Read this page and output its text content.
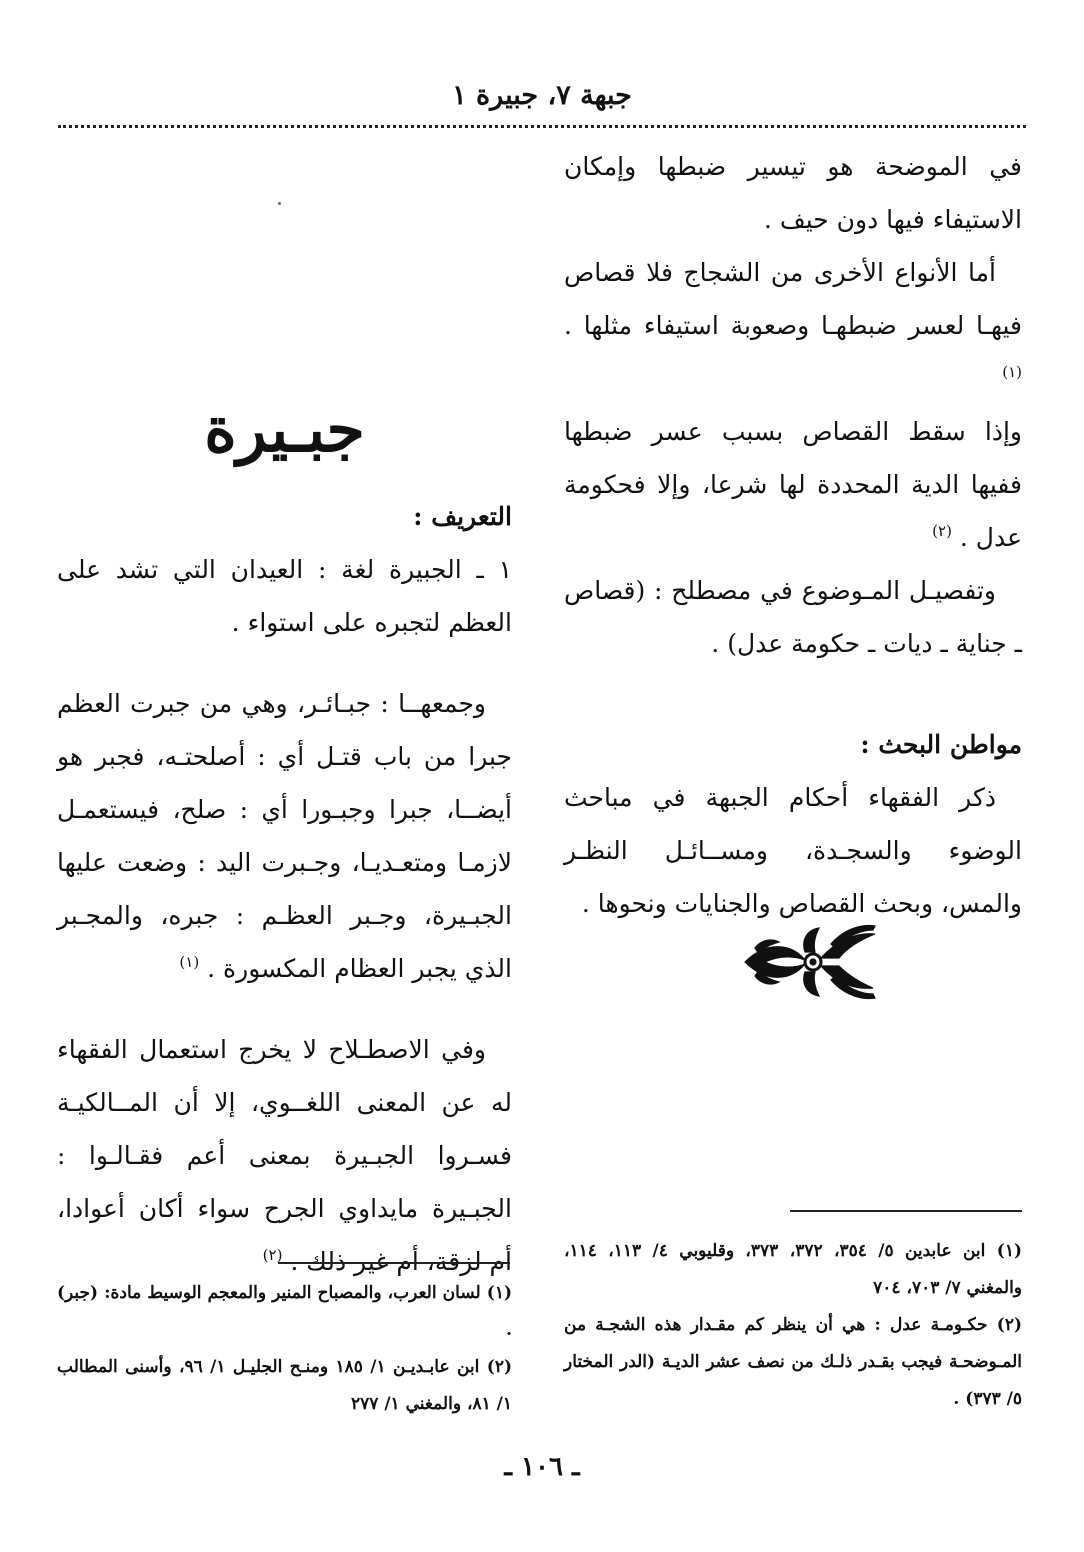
جبهة ٧، جبيرة ١

في الموضحة هو تيسير ضبطها وإمكان الاستيفاء فيها دون حيف .

أما الأنواع الأخرى من الشجاج فلا قصاص فيهـا لعسر ضبطهـا وصعوبة استيفاء مثلها . $^{(١)}$

وإذا سقط القصاص بسبب عسر ضبطها ففيها الدية المحددة لها شرعا، وإلا فحكومة عدل . $^{(٢)}$

وتفصيـل المـوضوع في مصطلح : (قصاص ـ جناية ـ ديات ـ حكومة عدل) .

مواطن البحث :

ذكر الفقهاء أحكام الجبهة في مباحث الوضوء والسجـدة، ومســائـل النظـر والمس، وبحث القصاص والجنايات ونحوها .

جبـيرة

التعريف :

١ ـ الجبيرة لغة : العيدان التي تشد على العظم لتجبره على استواء .

وجمعهــا : جبـائـر، وهي من جبرت العظم جبرا من باب قتـل أي : أصلحتـه، فجبر هو أيضــا، جبرا وجبـورا أي : صلح، فيستعمـل لازمـا ومتعـديـا، وجـبرت اليد : وضعت عليها الجبـيرة، وجـبر العظـم : جبره، والمجـبر الذي يجبر العظام المكسورة . $^{(١)}$

وفي الاصطـلاح لا يخرج استعمال الفقهاء له عن المعنى اللغــوي، إلا أن المــالكيـة فسـروا الجبـيرة بمعنى أعم فقـالـوا : الجبـيرة مايداوي الجرح سواء أكان أعوادا، أم لزقة، أم غير ذلك . $^{(٢)}$	(١) ابن عابدين ٥/ ٣٥٤، ٣٧٢، ٣٧٣، وقليوبي ٤/ ١١٣، ١١٤، والمغني ٧/ ٧٠٣، ٧٠٤

(٢) حكـومـة عدل : هي أن ينظر كم مقـدار هذه الشجـة من المـوضحـة فيجب بقـدر ذلـك من نصف عشر الديـة (الدر المختار ٥/ ٣٧٣) .

(١) لسان العرب، والمصباح المنير والمعجم الوسيط مادة: (جبر) .

(٢) ابن عابـديـن ١/ ١٨٥ ومنـح الجليـل ١/ ٩٦، وأسنى المطالب ١/ ٨١، والمغني ١/ ٢٧٧

ـ ١٠٦ ـ
